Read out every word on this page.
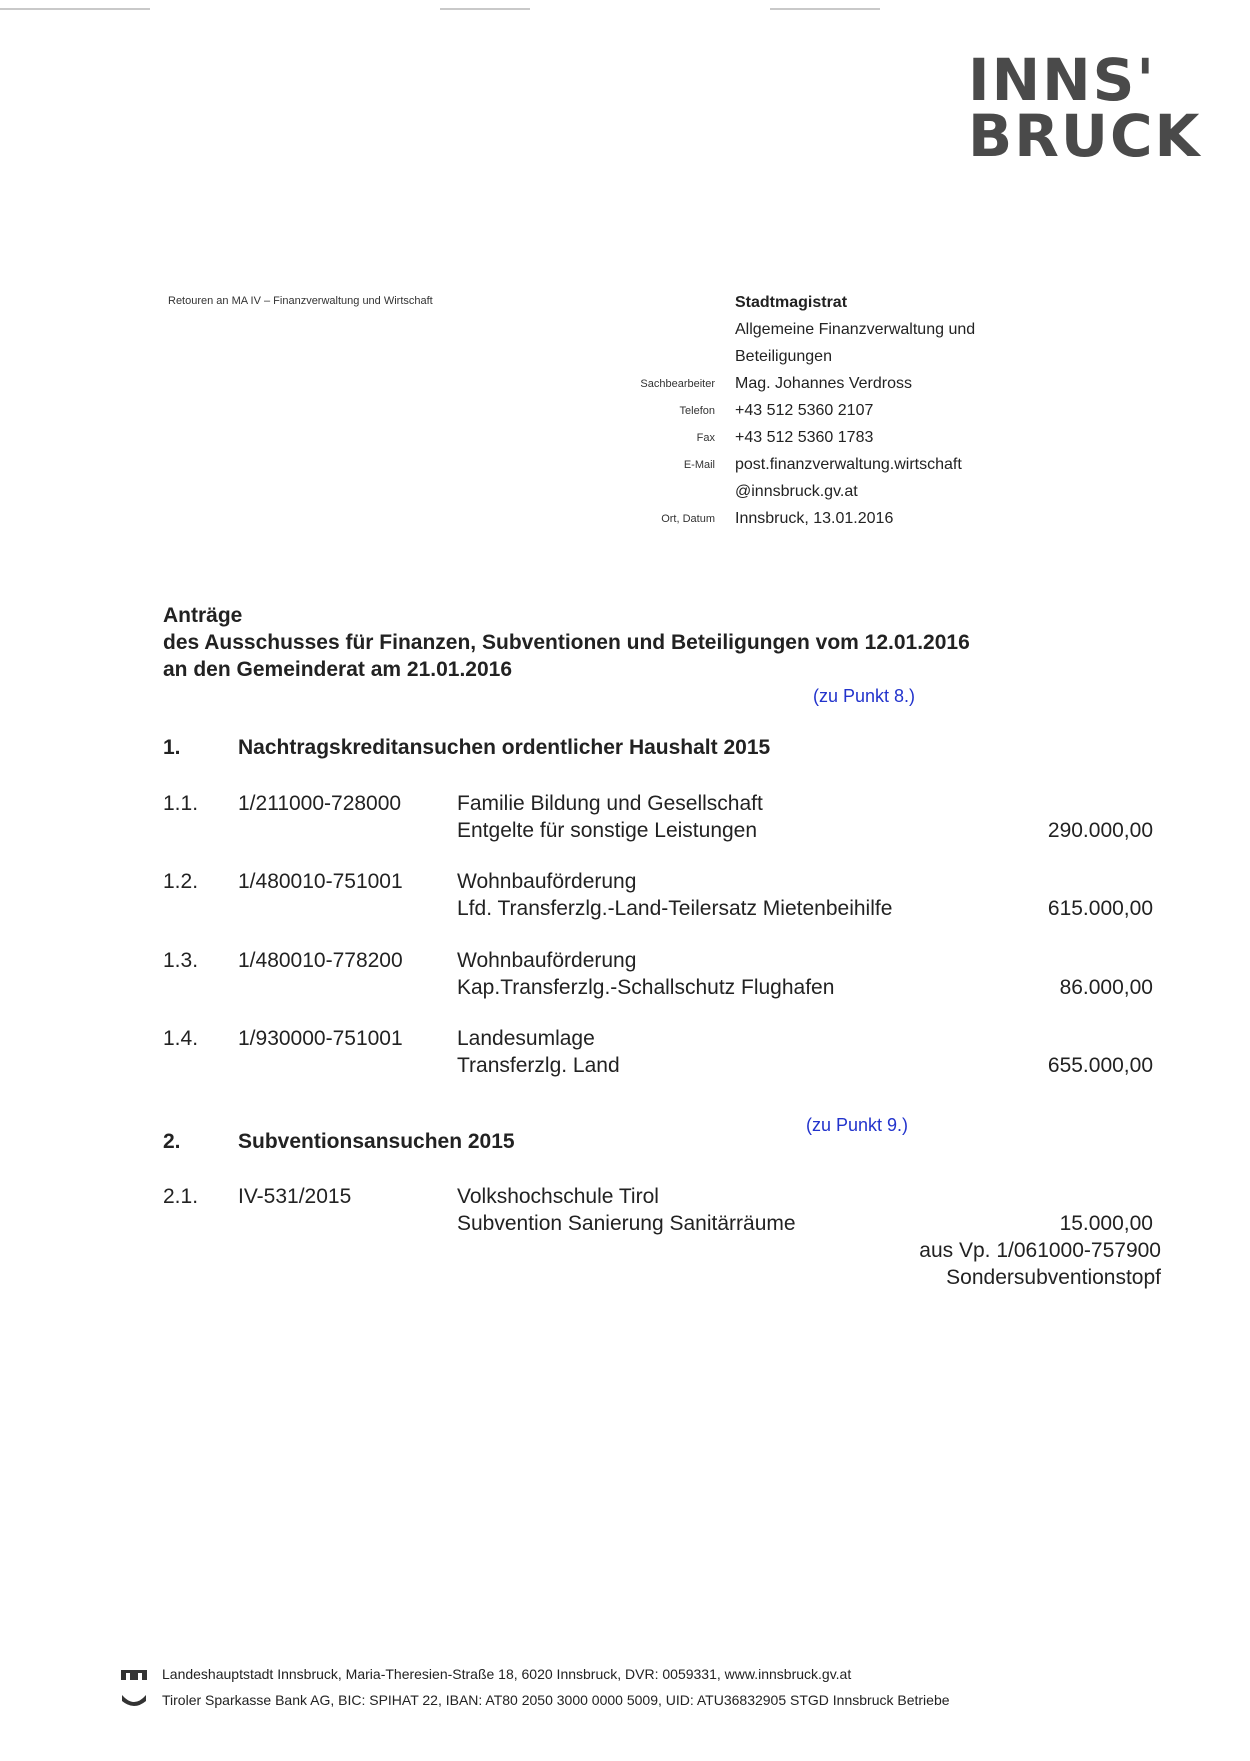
INNS'
BRUCK
Retouren an MA IV – Finanzverwaltung und Wirtschaft	Stadtmagistrat
Allgemeine Finanzverwaltung und
Beteiligungen
Sachbearbeiter	Mag. Johannes Verdross
Telefon	+43 512 5360 2107
Fax	+43 512 5360 1783
E-Mail	post.finanzverwaltung.wirtschaft
@innsbruck.gv.at
Ort, Datum	Innsbruck, 13.01.2016
Anträge
des Ausschusses für Finanzen, Subventionen und Beteiligungen vom 12.01.2016
an den Gemeinderat am 21.01.2016
(zu Punkt 8.)
1.	Nachtragskreditansuchen ordentlicher Haushalt 2015
1.1. 1/211000-728000	Familie Bildung und Gesellschaft
Entgelte für sonstige Leistungen	290.000,00
1.2. 1/480010-751001	Wohnbauförderung
Lfd. Transferzlg.-Land-Teilersatz Mietenbeihilfe	615.000,00
1.3. 1/480010-778200	Wohnbauförderung
Kap.Transferzlg.-Schallschutz Flughafen	86.000,00
1.4. 1/930000-751001	Landesumlage
Transferzlg. Land	655.000,00
(zu Punkt 9.)
2.	Subventionsansuchen 2015
2.1. IV-531/2015	Volkshochschule Tirol
Subvention Sanierung Sanitärräume	15.000,00
aus Vp. 1/061000-757900
Sondersubventionstopf
Landeshauptstadt Innsbruck, Maria-Theresien-Straße 18, 6020 Innsbruck, DVR: 0059331, www.innsbruck.gv.at
Tiroler Sparkasse Bank AG, BIC: SPIHAT 22, IBAN: AT80 2050 3000 0000 5009, UID: ATU36832905 STGD Innsbruck Betriebe
